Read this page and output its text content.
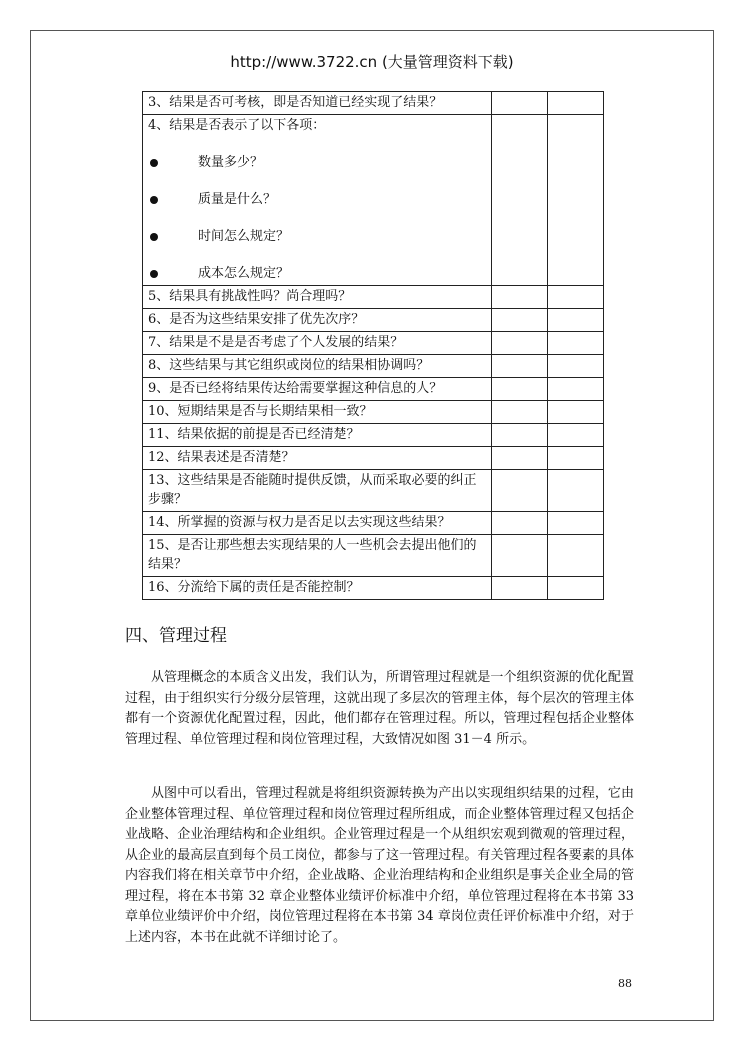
http://www.3722.cn (大量管理资料下载)
3、结果是否可考核，即是否知道已经实现了结果？		
4、结果是否表示了以下各项：
数量多少？
质量是什么？
时间怎么规定？
成本怎么规定？		

5、结果具有挑战性吗？尚合理吗？		
6、是否为这些结果安排了优先次序？		
7、结果是不是是否考虑了个人发展的结果？		
8、这些结果与其它组织或岗位的结果相协调吗？		
9、是否已经将结果传达给需要掌握这种信息的人？		
10、短期结果是否与长期结果相一致？		
11、结果依据的前提是否已经清楚？		
12、结果表述是否清楚？		
13、这些结果是否能随时提供反馈，从而采取必要的纠正步骤？		
14、所掌握的资源与权力是否足以去实现这些结果？		
15、是否让那些想去实现结果的人一些机会去提出他们的结果？		
16、分流给下属的责任是否能控制？		
四、管理过程

从管理概念的本质含义出发，我们认为，所谓管理过程就是一个组织资源的优化配置过程，由于组织实行分级分层管理，这就出现了多层次的管理主体，每个层次的管理主体都有一个资源优化配置过程，因此，他们都存在管理过程。所以，管理过程包括企业整体管理过程、单位管理过程和岗位管理过程，大致情况如图 31－4 所示。

从图中可以看出，管理过程就是将组织资源转换为产出以实现组织结果的过程，它由企业整体管理过程、单位管理过程和岗位管理过程所组成，而企业整体管理过程又包括企业战略、企业治理结构和企业组织。企业管理过程是一个从组织宏观到微观的管理过程，从企业的最高层直到每个员工岗位，都参与了这一管理过程。有关管理过程各要素的具体内容我们将在相关章节中介绍，企业战略、企业治理结构和企业组织是事关企业全局的管理过程，将在本书第 32 章企业整体业绩评价标准中介绍，单位管理过程将在本书第 33 章单位业绩评价中介绍，岗位管理过程将在本书第 34 章岗位责任评价标准中介绍，对于上述内容，本书在此就不详细讨论了。

88
